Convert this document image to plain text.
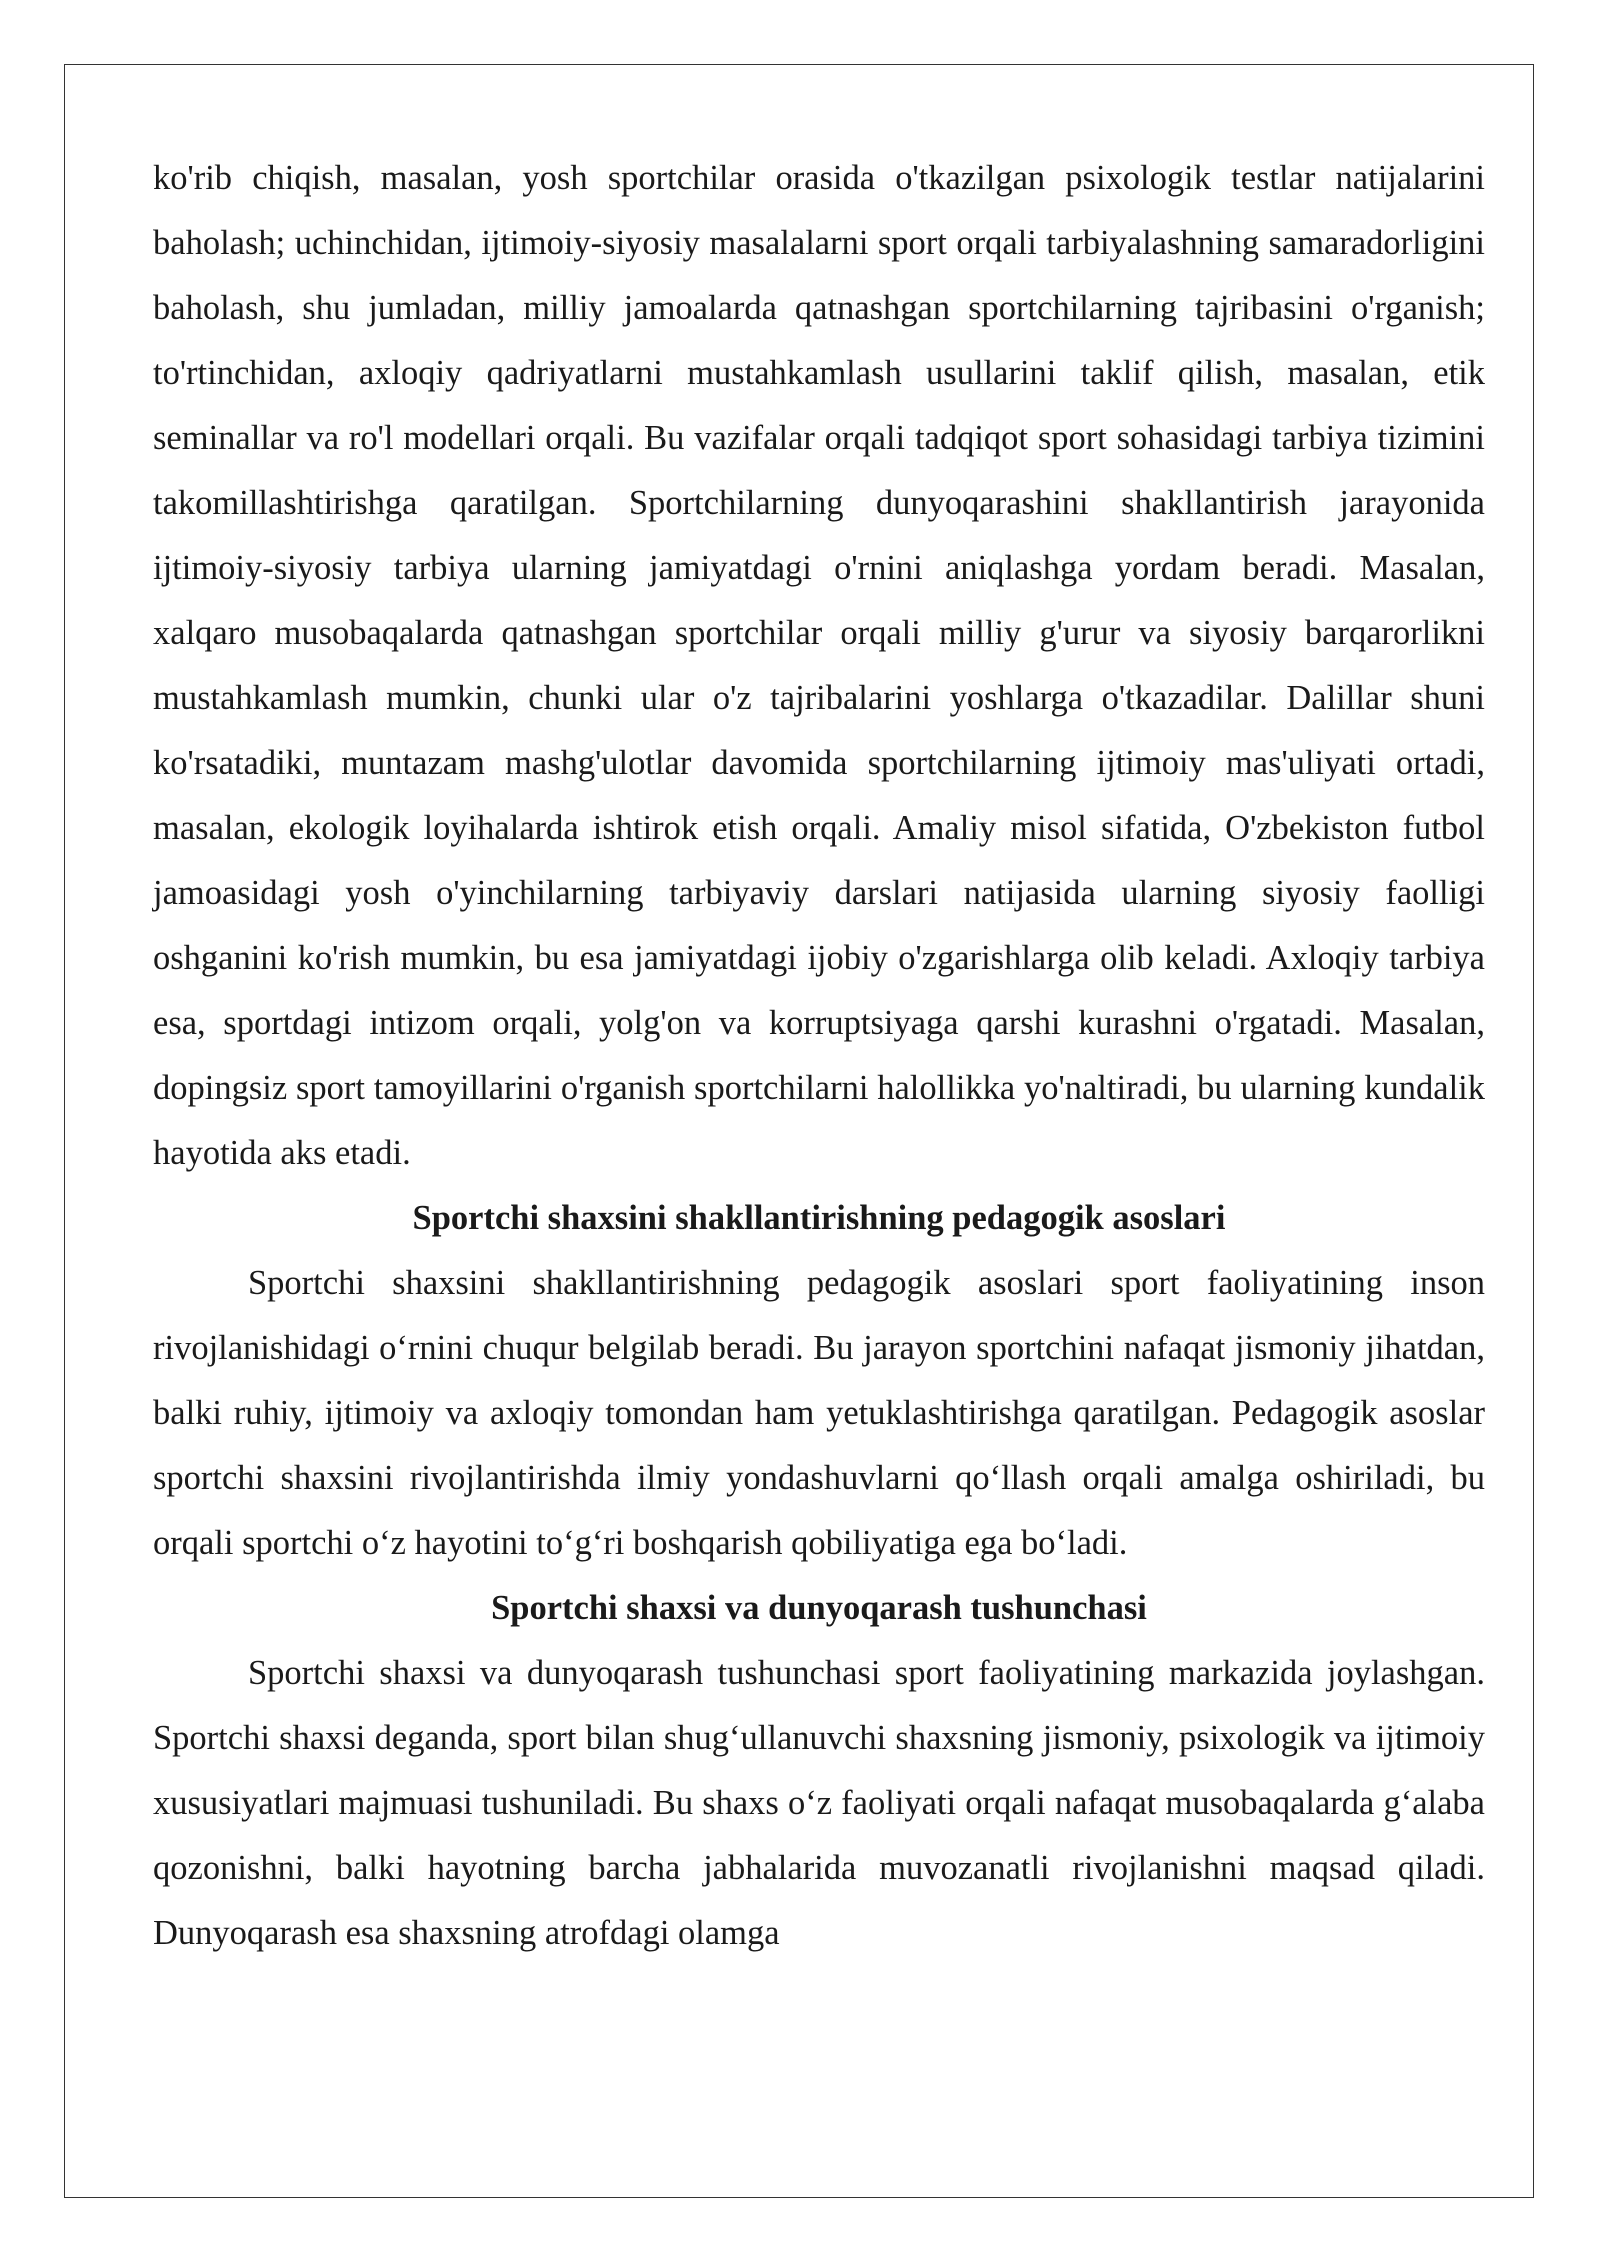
ko'rib chiqish, masalan, yosh sportchilar orasida o'tkazilgan psixologik testlar natijalarini baholash; uchinchidan, ijtimoiy-siyosiy masalalarni sport orqali tarbiyalashning samaradorligini baholash, shu jumladan, milliy jamoalarda qatnashgan sportchilarning tajribasini o'rganish; to'rtinchidan, axloqiy qadriyatlarni mustahkamlash usullarini taklif qilish, masalan, etik seminallar va ro'l modellari orqali. Bu vazifalar orqali tadqiqot sport sohasidagi tarbiya tizimini takomillashtirishga qaratilgan. Sportchilarning dunyoqarashini shakllantirish jarayonida ijtimoiy-siyosiy tarbiya ularning jamiyatdagi o'rnini aniqlashga yordam beradi. Masalan, xalqaro musobaqalarda qatnashgan sportchilar orqali milliy g'urur va siyosiy barqarorlikni mustahkamlash mumkin, chunki ular o'z tajribalarini yoshlarga o'tkazadilar. Dalillar shuni ko'rsatadiki, muntazam mashg'ulotlar davomida sportchilarning ijtimoiy mas'uliyati ortadi, masalan, ekologik loyihalarda ishtirok etish orqali. Amaliy misol sifatida, O'zbekiston futbol jamoasidagi yosh o'yinchilarning tarbiyaviy darslari natijasida ularning siyosiy faolligi oshganini ko'rish mumkin, bu esa jamiyatdagi ijobiy o'zgarishlarga olib keladi. Axloqiy tarbiya esa, sportdagi intizom orqali, yolg'on va korruptsiyaga qarshi kurashni o'rgatadi. Masalan, dopingsiz sport tamoyillarini o'rganish sportchilarni halollikka yo'naltiradi, bu ularning kundalik hayotida aks etadi.

Sportchi shaxsini shakllantirishning pedagogik asoslari

Sportchi shaxsini shakllantirishning pedagogik asoslari sport faoliyatining inson rivojlanishidagi o‘rnini chuqur belgilab beradi. Bu jarayon sportchini nafaqat jismoniy jihatdan, balki ruhiy, ijtimoiy va axloqiy tomondan ham yetuklashtirishga qaratilgan. Pedagogik asoslar sportchi shaxsini rivojlantirishda ilmiy yondashuvlarni qo‘llash orqali amalga oshiriladi, bu orqali sportchi o‘z hayotini to‘g‘ri boshqarish qobiliyatiga ega bo‘ladi.

Sportchi shaxsi va dunyoqarash tushunchasi

Sportchi shaxsi va dunyoqarash tushunchasi sport faoliyatining markazida joylashgan. Sportchi shaxsi deganda, sport bilan shug‘ullanuvchi shaxsning jismoniy, psixologik va ijtimoiy xususiyatlari majmuasi tushuniladi. Bu shaxs o‘z faoliyati orqali nafaqat musobaqalarda g‘alaba qozonishni, balki hayotning barcha jabhalarida muvozanatli rivojlanishni maqsad qiladi. Dunyoqarash esa shaxsning atrofdagi olamga
